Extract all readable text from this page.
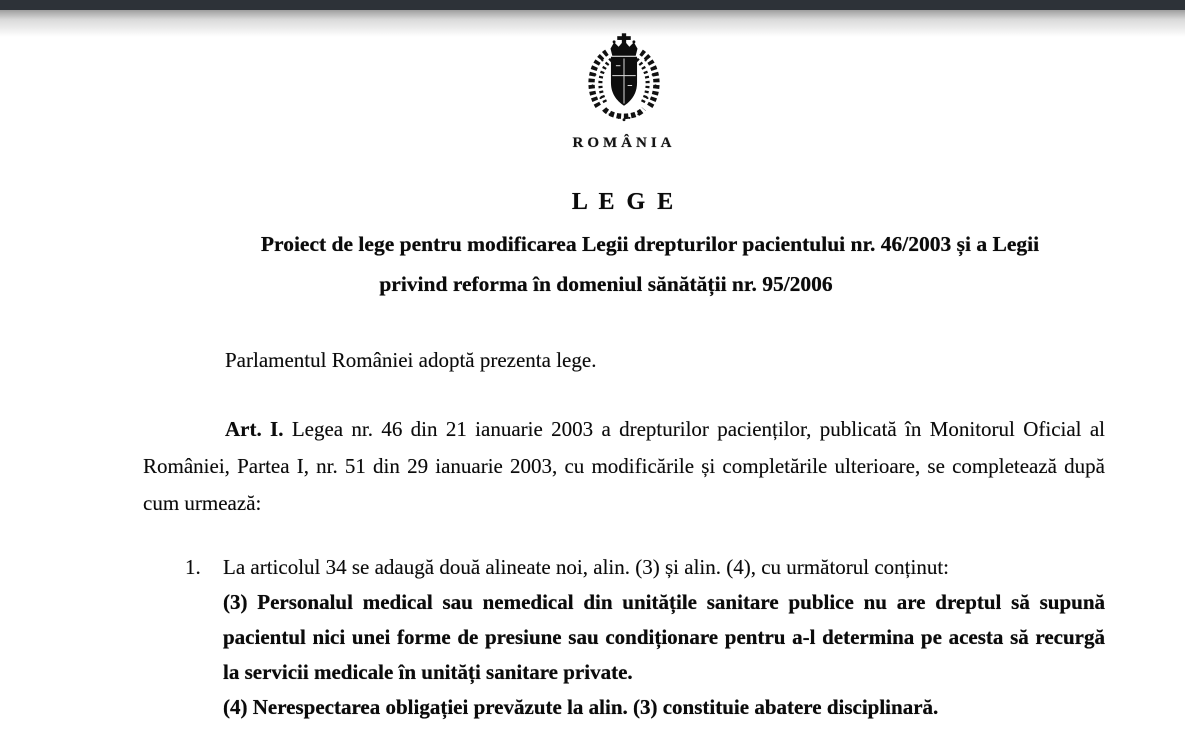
ROMÂNIA
L E G E
Proiect de lege pentru modificarea Legii drepturilor pacientului nr. 46/2003 și a Legii
privind reforma în domeniul sănătății nr. 95/2006

Parlamentul României adoptă prezenta lege.

Art. I. Legea nr. 46 din 21 ianuarie 2003 a drepturilor pacienților, publicată în Monitorul Oficial al României, Partea I, nr. 51 din 29 ianuarie 2003, cu modificările și completările ulterioare, se completează după cum urmează:

1.	La articolul 34 se adaugă două alineate noi, alin. (3) și alin. (4), cu următorul conținut:

(3) Personalul medical sau nemedical din unitățile sanitare publice nu are dreptul să supună pacientul nici unei forme de presiune sau condiționare pentru a-l determina pe acesta să recurgă la servicii medicale în unități sanitare private.

(4) Nerespectarea obligației prevăzute la alin. (3) constituie abatere disciplinară.
